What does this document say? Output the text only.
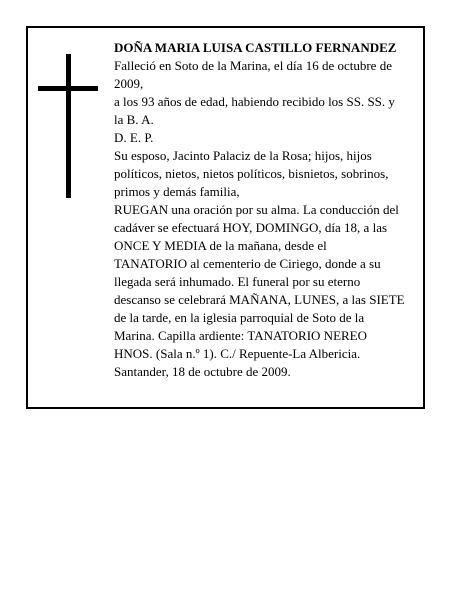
DOÑA MARIA LUISA CASTILLO FERNANDEZ
Falleció en Soto de la Marina, el día 16 de octubre de
2009,
a los 93 años de edad, habiendo recibido los SS. SS. y
la B. A.
D. E. P.
Su esposo, Jacinto Palaciz de la Rosa; hijos, hijos
políticos, nietos, nietos políticos, bisnietos, sobrinos,
primos y demás familia,
RUEGAN una oración por su alma. La conducción del
cadáver se efectuará HOY, DOMINGO, día 18, a las
ONCE Y MEDIA de la mañana, desde el
TANATORIO al cementerio de Ciriego, donde a su
llegada será inhumado. El funeral por su eterno
descanso se celebrará MAÑANA, LUNES, a las SIETE
de la tarde, en la iglesia parroquial de Soto de la
Marina. Capilla ardiente: TANATORIO NEREO
HNOS. (Sala n.º 1). C./ Repuente-La Albericia.
Santander, 18 de octubre de 2009.
